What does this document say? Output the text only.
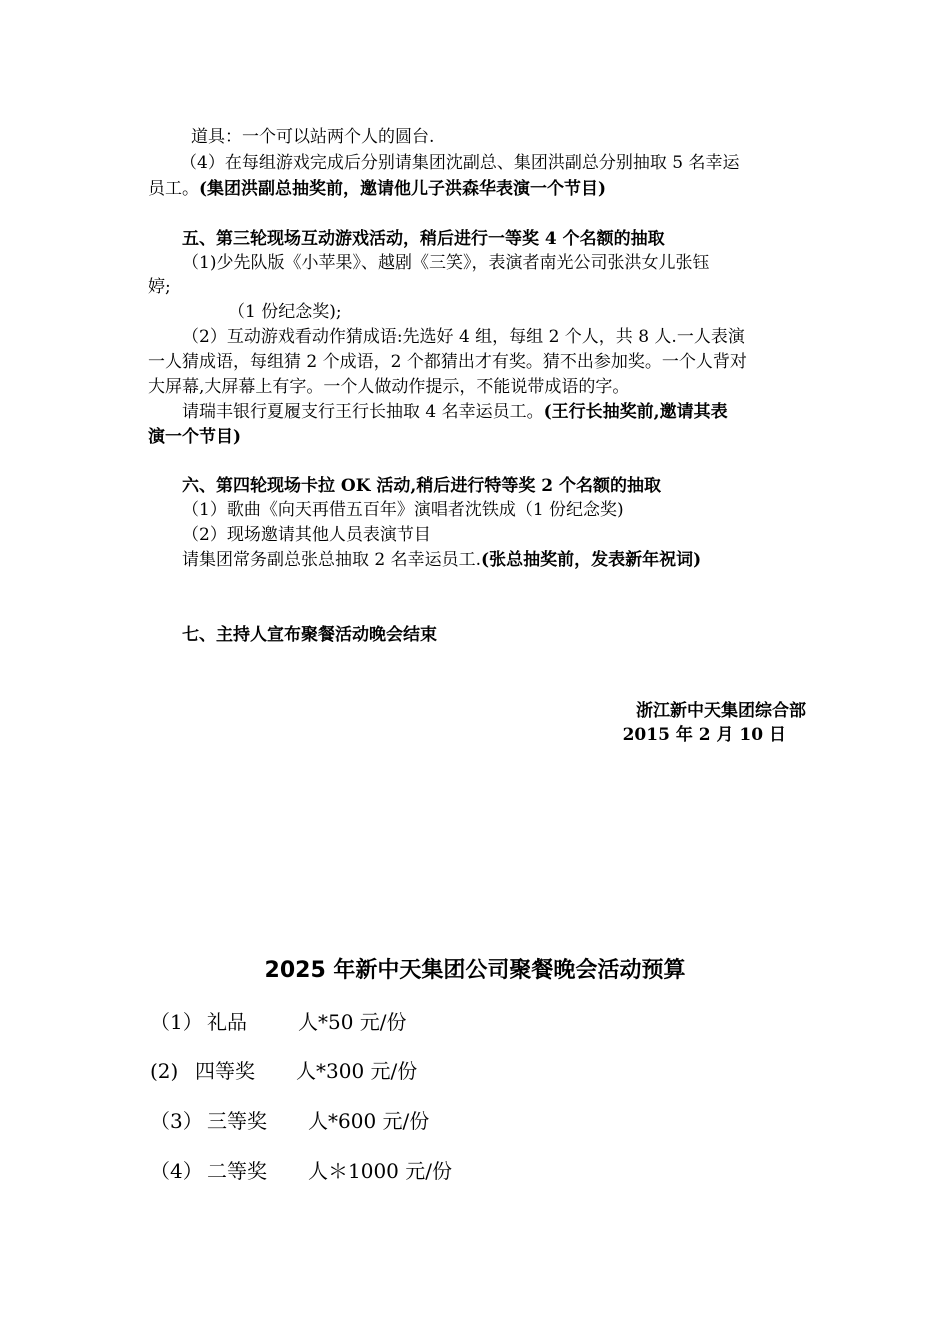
道具：一个可以站两个人的圆台.
（4）在每组游戏完成后分别请集团沈副总、集团洪副总分别抽取 5 名幸运
员工。(集团洪副总抽奖前，邀请他儿子洪森华表演一个节目)
五、第三轮现场互动游戏活动，稍后进行一等奖 4 个名额的抽取
（1)少先队版《小苹果》、越剧《三笑》，表演者南光公司张洪女儿张钰
婷;
（1 份纪念奖);
（2）互动游戏看动作猜成语:先选好 4 组，每组 2 个人，共 8 人.一人表演
一人猜成语，每组猜 2 个成语，2 个都猜出才有奖。猜不出参加奖。一个人背对
大屏幕,大屏幕上有字。一个人做动作提示，不能说带成语的字。
请瑞丰银行夏履支行王行长抽取 4 名幸运员工。(王行长抽奖前,邀请其表
演一个节目)
六、第四轮现场卡拉 OK 活动,稍后进行特等奖 2 个名额的抽取
（1）歌曲《向天再借五百年》演唱者沈铁成（1 份纪念奖)
（2）现场邀请其他人员表演节目
请集团常务副总张总抽取 2 名幸运员工.(张总抽奖前，发表新年祝词)
七、主持人宣布聚餐活动晚会结束
浙江新中天集团综合部
2015 年 2 月 10 日
2025 年新中天集团公司聚餐晚会活动预算
（1） 礼品	人*50 元/份
(2) 四等奖 人*300 元/份
（3） 三等奖 人*600 元/份
（4） 二等奖 人＊1000 元/份
